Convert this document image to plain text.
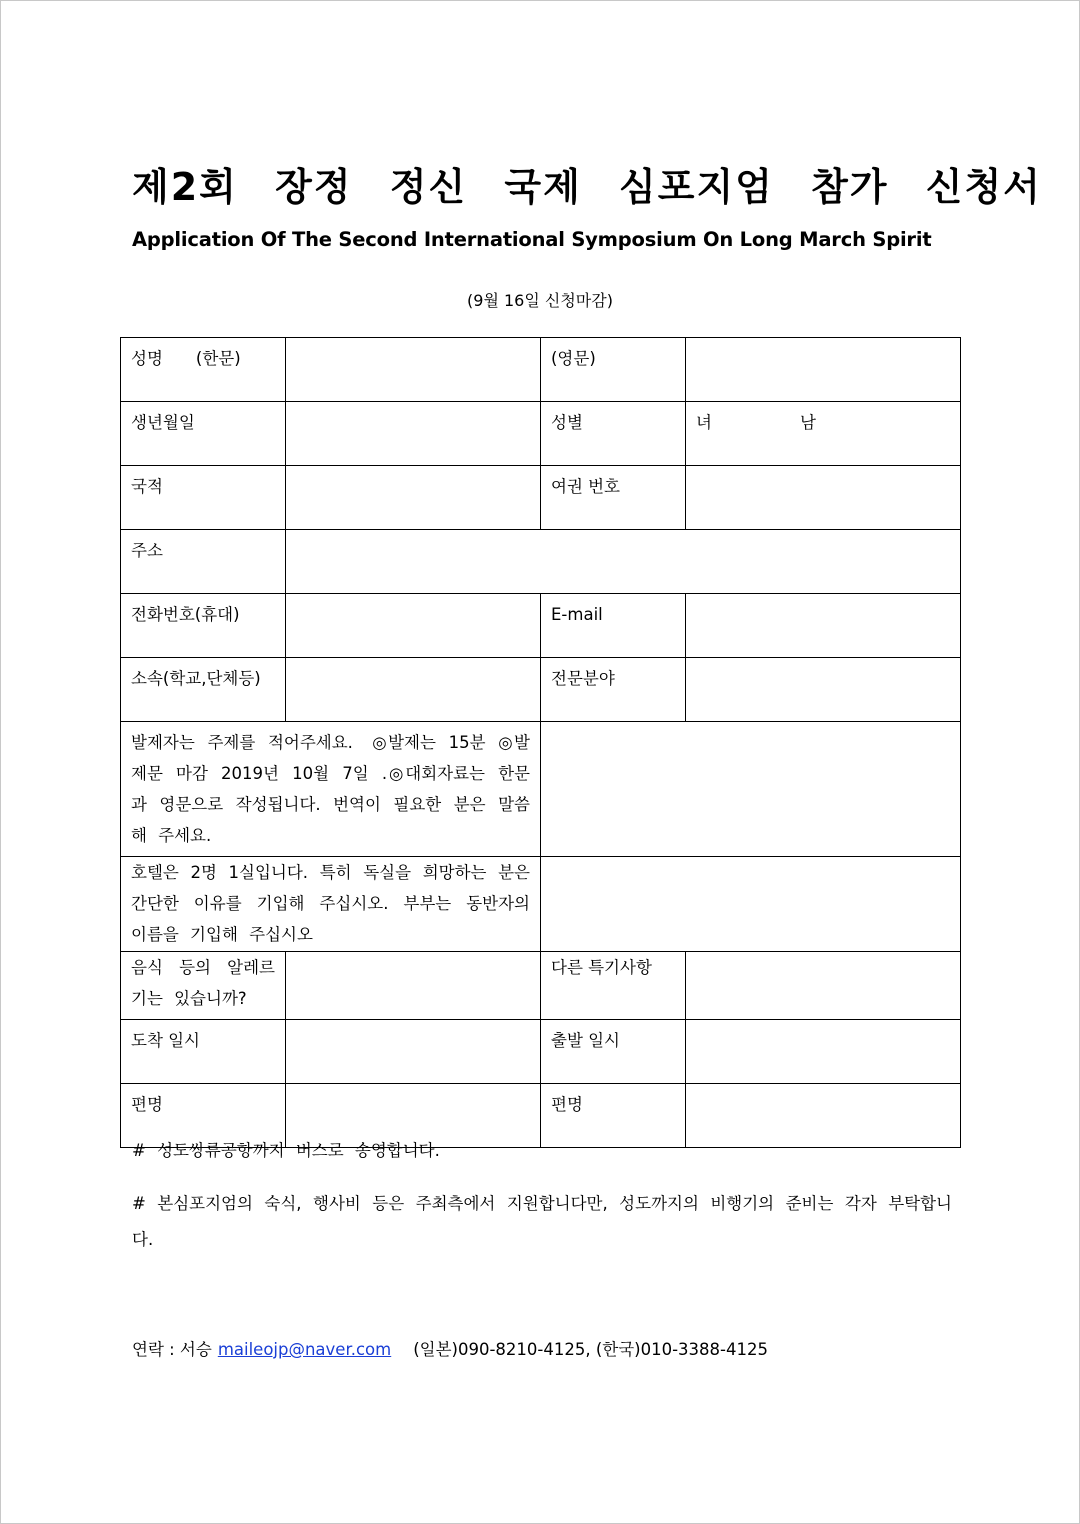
제2회 장정 정신 국제 심포지엄 참가 신청서
Application Of The Second International Symposium On Long March Spirit
(9월 16일 신청마감)
성명　　(한문)		(영문)	
생년월일		성별	녀 남
국적		여권 번호	
주소			
전화번호(휴대)		E-mail	
소속(학교,단체등)		전문분야	
발제자는 주제를 적어주세요.　◎발제는 15분 ◎발제문 마감 2019년 10월 7일 .◎대회자료는 한문과 영문으로 작성됩니다. 번역이 필요한 분은 말씀해 주세요.			
호텔은 2명 1실입니다. 특히 독실을 희망하는 분은 간단한 이유를 기입해 주십시오. 부부는 동반자의 이름을 기입해 주십시오			
음식 등의 알레르기는 있습니까?		다른 특기사항	
도착 일시		출발 일시	
편명		편명	
# 성도쌍류공항까지 버스로 송영합니다.
# 본심포지엄의 숙식, 행사비 등은 주최측에서 지원합니다만, 성도까지의 비행기의 준비는 각자 부탁합니다.
연락 : 서승 maileojp@naver.com (일본)090-8210-4125, (한국)010-3388-4125
